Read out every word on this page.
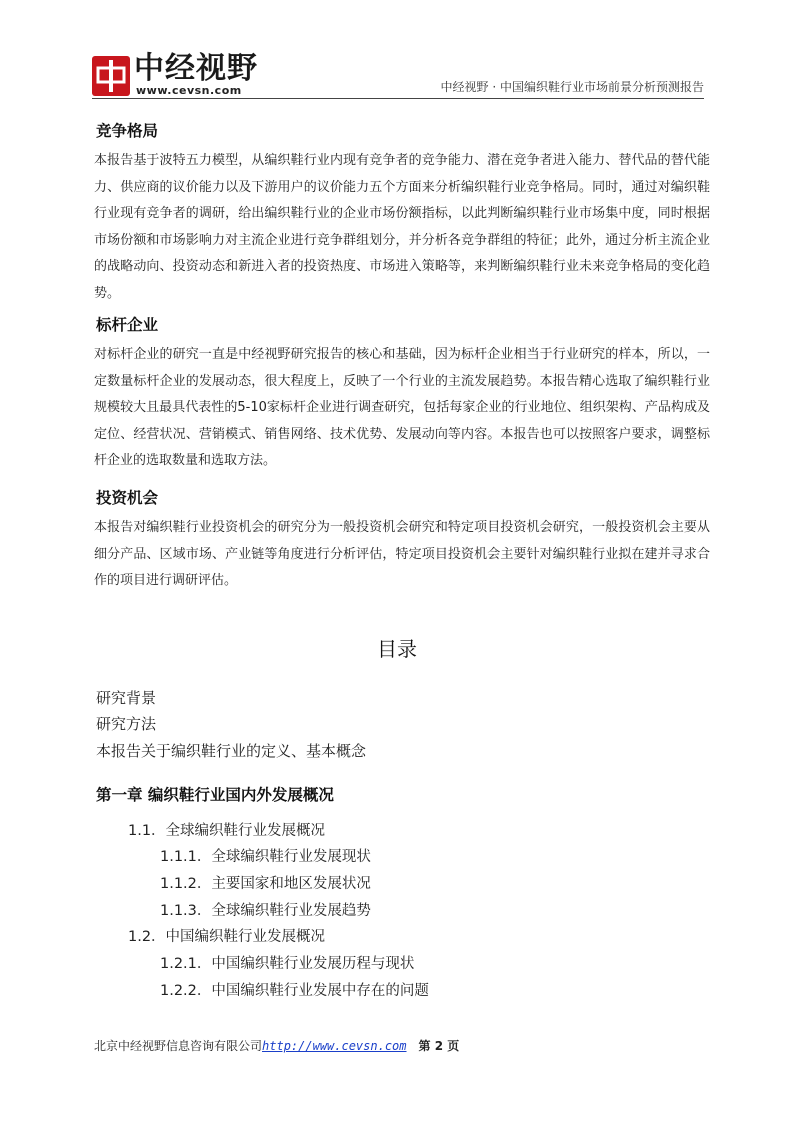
中经视野
www.cevsn.com	中经视野 · 中国编织鞋行业市场前景分析预测报告
竞争格局

本报告基于波特五力模型，从编织鞋行业内现有竞争者的竞争能力、潜在竞争者进入能力、替代品的替代能力、供应商的议价能力以及下游用户的议价能力五个方面来分析编织鞋行业竞争格局。同时，通过对编织鞋行业现有竞争者的调研，给出编织鞋行业的企业市场份额指标，以此判断编织鞋行业市场集中度，同时根据市场份额和市场影响力对主流企业进行竞争群组划分，并分析各竞争群组的特征；此外，通过分析主流企业的战略动向、投资动态和新进入者的投资热度、市场进入策略等，来判断编织鞋行业未来竞争格局的变化趋势。

标杆企业

对标杆企业的研究一直是中经视野研究报告的核心和基础，因为标杆企业相当于行业研究的样本，所以，一定数量标杆企业的发展动态，很大程度上，反映了一个行业的主流发展趋势。本报告精心选取了编织鞋行业规模较大且最具代表性的5-10家标杆企业进行调查研究，包括每家企业的行业地位、组织架构、产品构成及定位、经营状况、营销模式、销售网络、技术优势、发展动向等内容。本报告也可以按照客户要求，调整标杆企业的选取数量和选取方法。

投资机会

本报告对编织鞋行业投资机会的研究分为一般投资机会研究和特定项目投资机会研究，一般投资机会主要从细分产品、区域市场、产业链等角度进行分析评估，特定项目投资机会主要针对编织鞋行业拟在建并寻求合作的项目进行调研评估。

目录
研究背景
研究方法
本报告关于编织鞋行业的定义、基本概念
第一章 编织鞋行业国内外发展概况
1.1．全球编织鞋行业发展概况
1.1.1．全球编织鞋行业发展现状
1.1.2．主要国家和地区发展状况
1.1.3．全球编织鞋行业发展趋势
1.2．中国编织鞋行业发展概况
1.2.1．中国编织鞋行业发展历程与现状
1.2.2．中国编织鞋行业发展中存在的问题
北京中经视野信息咨询有限公司http://www.cevsn.com 第 2 页
